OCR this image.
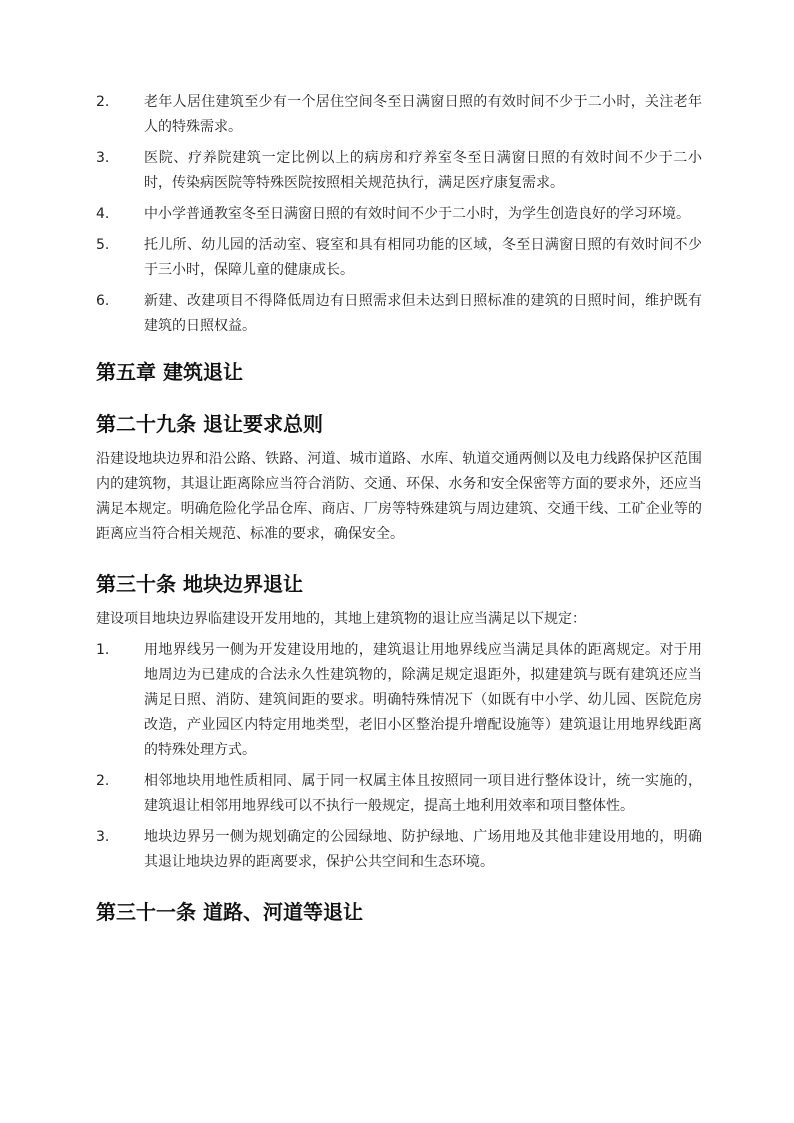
2. 老年人居住建筑至少有一个居住空间冬至日满窗日照的有效时间不少于二小时，关注老年人的特殊需求。
3. 医院、疗养院建筑一定比例以上的病房和疗养室冬至日满窗日照的有效时间不少于二小时，传染病医院等特殊医院按照相关规范执行，满足医疗康复需求。
4. 中小学普通教室冬至日满窗日照的有效时间不少于二小时，为学生创造良好的学习环境。
5. 托儿所、幼儿园的活动室、寝室和具有相同功能的区域，冬至日满窗日照的有效时间不少于三小时，保障儿童的健康成长。
6. 新建、改建项目不得降低周边有日照需求但未达到日照标准的建筑的日照时间，维护既有建筑的日照权益。
第五章 建筑退让
第二十九条 退让要求总则

沿建设地块边界和沿公路、铁路、河道、城市道路、水库、轨道交通两侧以及电力线路保护区范围内的建筑物，其退让距离除应当符合消防、交通、环保、水务和安全保密等方面的要求外，还应当满足本规定。明确危险化学品仓库、商店、厂房等特殊建筑与周边建筑、交通干线、工矿企业等的距离应当符合相关规范、标准的要求，确保安全。

第三十条 地块边界退让

建设项目地块边界临建设开发用地的，其地上建筑物的退让应当满足以下规定：

1. 用地界线另一侧为开发建设用地的，建筑退让用地界线应当满足具体的距离规定。对于用地周边为已建成的合法永久性建筑物的，除满足规定退距外，拟建建筑与既有建筑还应当满足日照、消防、建筑间距的要求。明确特殊情况下（如既有中小学、幼儿园、医院危房改造，产业园区内特定用地类型，老旧小区整治提升增配设施等）建筑退让用地界线距离的特殊处理方式。
2. 相邻地块用地性质相同、属于同一权属主体且按照同一项目进行整体设计，统一实施的，建筑退让相邻用地界线可以不执行一般规定，提高土地利用效率和项目整体性。
3. 地块边界另一侧为规划确定的公园绿地、防护绿地、广场用地及其他非建设用地的，明确其退让地块边界的距离要求，保护公共空间和生态环境。
第三十一条 道路、河道等退让
